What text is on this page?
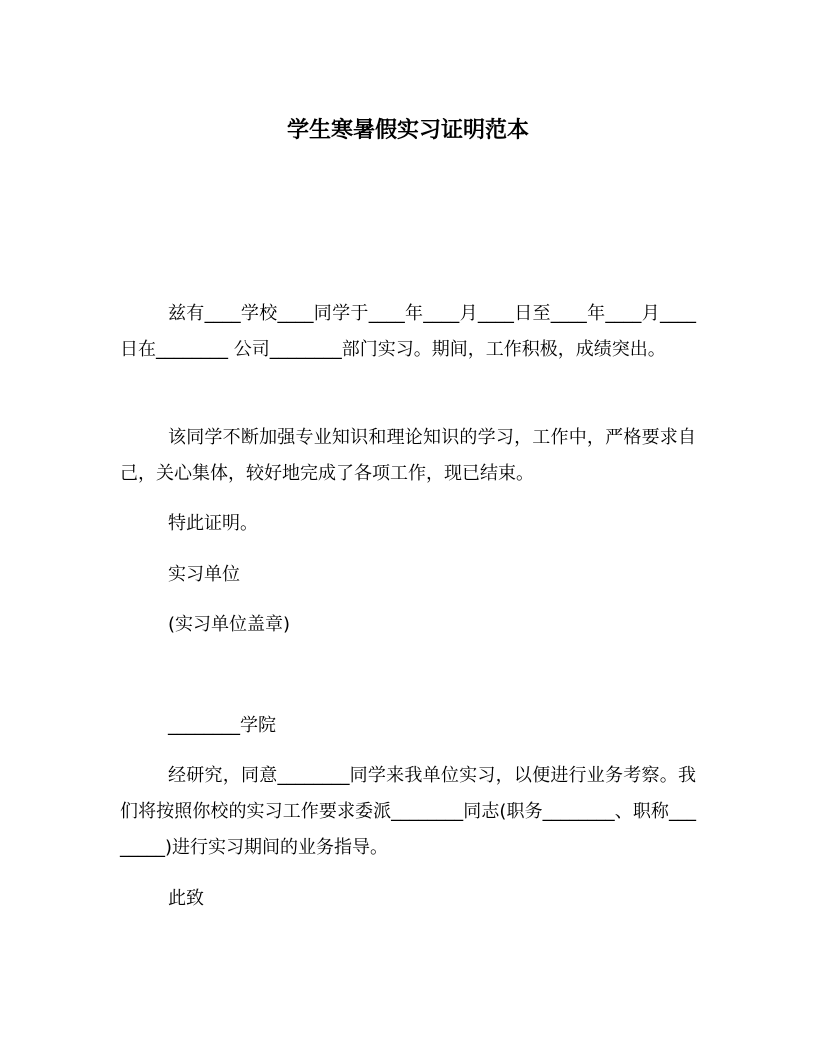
学生寒暑假实习证明范本
兹有____学校____同学于____年____月____日至____年____月____日在________ 公司________部门实习。期间，工作积极，成绩突出。
该同学不断加强专业知识和理论知识的学习，工作中，严格要求自己，关心集体，较好地完成了各项工作，现已结束。
特此证明。
实习单位
(实习单位盖章)
________学院
经研究，同意________同学来我单位实习，以便进行业务考察。我们将按照你校的实习工作要求委派________同志(职务________、职称________)进行实习期间的业务指导。
此致
